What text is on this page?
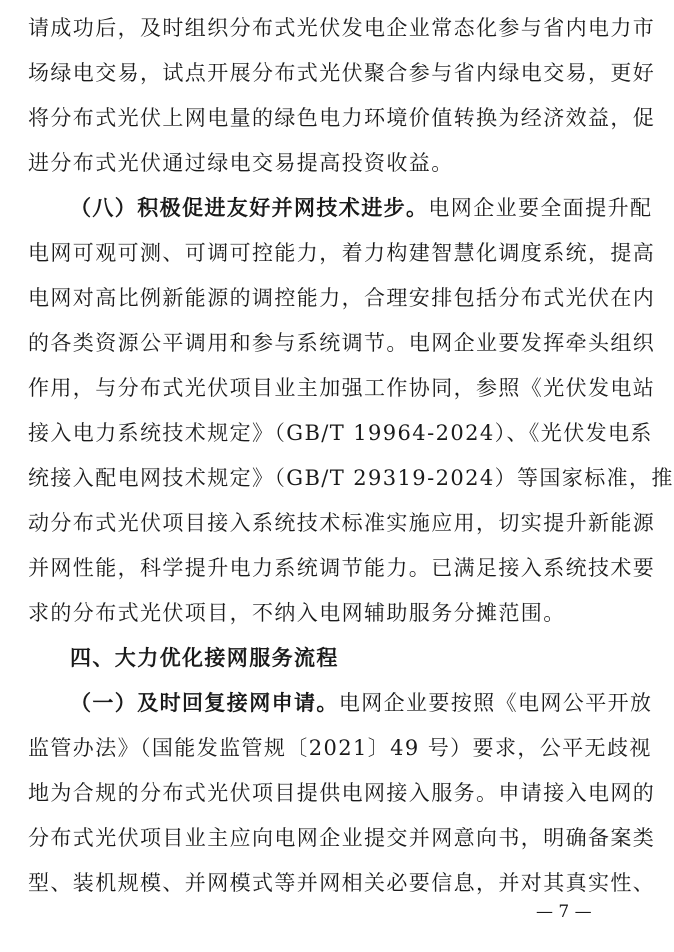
请成功后，及时组织分布式光伏发电企业常态化参与省内电力市
场绿电交易，试点开展分布式光伏聚合参与省内绿电交易，更好
将分布式光伏上网电量的绿色电力环境价值转换为经济效益，促
进分布式光伏通过绿电交易提高投资收益。
（八）积极促进友好并网技术进步。电网企业要全面提升配
电网可观可测、可调可控能力，着力构建智慧化调度系统，提高
电网对高比例新能源的调控能力，合理安排包括分布式光伏在内
的各类资源公平调用和参与系统调节。电网企业要发挥牵头组织
作用，与分布式光伏项目业主加强工作协同，参照《光伏发电站
接入电力系统技术规定》（GB/T 19964-2024）、《光伏发电系
统接入配电网技术规定》（GB/T 29319-2024）等国家标准，推
动分布式光伏项目接入系统技术标准实施应用，切实提升新能源
并网性能，科学提升电力系统调节能力。已满足接入系统技术要
求的分布式光伏项目，不纳入电网辅助服务分摊范围。
四、大力优化接网服务流程
（一）及时回复接网申请。电网企业要按照《电网公平开放
监管办法》（国能发监管规〔2021〕49 号）要求，公平无歧视
地为合规的分布式光伏项目提供电网接入服务。申请接入电网的
分布式光伏项目业主应向电网企业提交并网意向书，明确备案类
型、装机规模、并网模式等并网相关必要信息，并对其真实性、
— 7 —
